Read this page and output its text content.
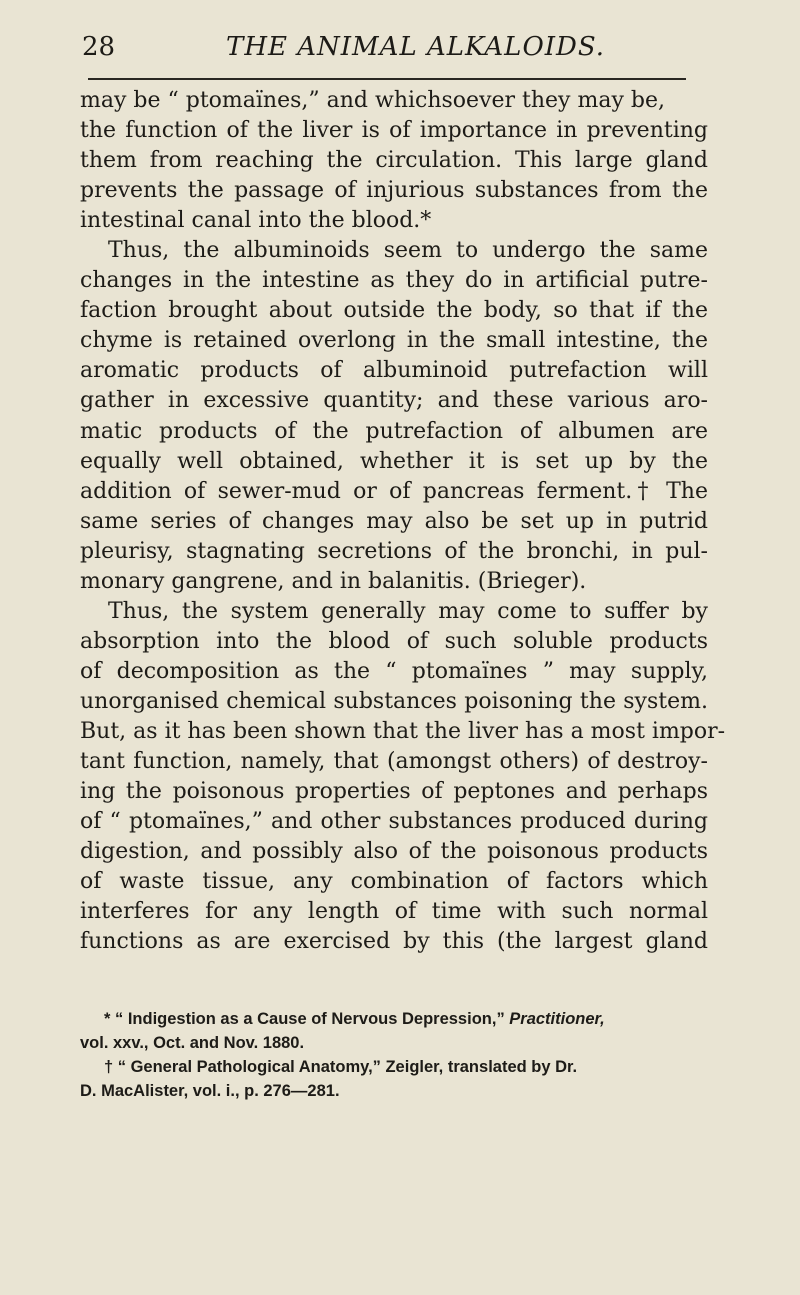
28	THE ANIMAL ALKALOIDS.
may be “ ptomaïnes,” and whichsoever they may be,
the function of the liver is of importance in preventing
them from reaching the circulation. This large gland
prevents the passage of injurious substances from the
intestinal canal into the blood.*
Thus, the albuminoids seem to undergo the same
changes in the intestine as they do in artificial putre-
faction brought about outside the body, so that if the
chyme is retained overlong in the small intestine, the
aromatic products of albuminoid putrefaction will
gather in excessive quantity; and these various aro-
matic products of the putrefaction of albumen are
equally well obtained, whether it is set up by the
addition of sewer-mud or of pancreas ferment.† The
same series of changes may also be set up in putrid
pleurisy, stagnating secretions of the bronchi, in pul-
monary gangrene, and in balanitis. (Brieger).
Thus, the system generally may come to suffer by
absorption into the blood of such soluble products
of decomposition as the “ ptomaïnes ” may supply,
unorganised chemical substances poisoning the system.
But, as it has been shown that the liver has a most impor-
tant function, namely, that (amongst others) of destroy-
ing the poisonous properties of peptones and perhaps
of “ ptomaïnes,” and other substances produced during
digestion, and possibly also of the poisonous products
of waste tissue, any combination of factors which
interferes for any length of time with such normal
functions as are exercised by this (the largest gland
* “ Indigestion as a Cause of Nervous Depression,” Practitioner,
vol. xxv., Oct. and Nov. 1880.
† “ General Pathological Anatomy,” Zeigler, translated by Dr.
D. MacAlister, vol. i., p. 276—281.
